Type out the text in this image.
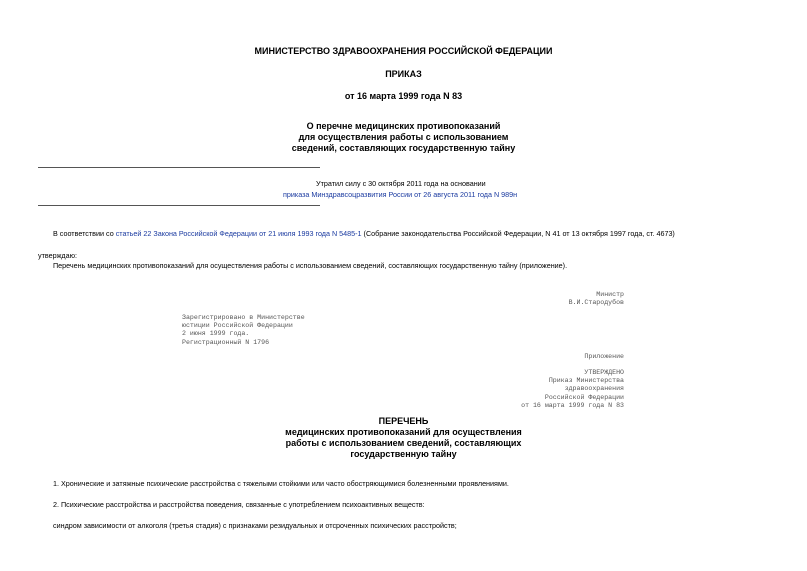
МИНИСТЕРСТВО ЗДРАВООХРАНЕНИЯ РОССИЙСКОЙ ФЕДЕРАЦИИ
ПРИКАЗ
от 16 марта 1999 года N 83
О перечне медицинских противопоказаний
для осуществления работы с использованием
сведений, составляющих государственную тайну
Утратил силу с 30 октября 2011 года на основании
приказа Минздравсоцразвития России от 26 августа 2011 года N 989н
В соответствии со статьей 22 Закона Российской Федерации от 21 июля 1993 года N 5485-1 (Собрание законодательства Российской Федерации, N 41 от 13 октября 1997 года, ст. 4673)
утверждаю:
Перечень медицинских противопоказаний для осуществления работы с использованием сведений, составляющих государственную тайну (приложение).
Министр
В.И.Стародубов
Зарегистрировано в Министерстве
юстиции Российской Федерации
2 июня 1999 года.
Регистрационный N 1796
Приложение
УТВЕРЖДЕНО
Приказ Министерства
здравоохранения
Российской Федерации
от 16 марта 1999 года N 83
ПЕРЕЧЕНЬ
медицинских противопоказаний для осуществления
работы с использованием сведений, составляющих
государственную тайну
1. Хронические и затяжные психические расстройства с тяжелыми стойкими или часто обостряющимися болезненными проявлениями.
2. Психические расстройства и расстройства поведения, связанные с употреблением психоактивных веществ:
синдром зависимости от алкоголя (третья стадия) с признаками резидуальных и отсроченных психических расстройств;
